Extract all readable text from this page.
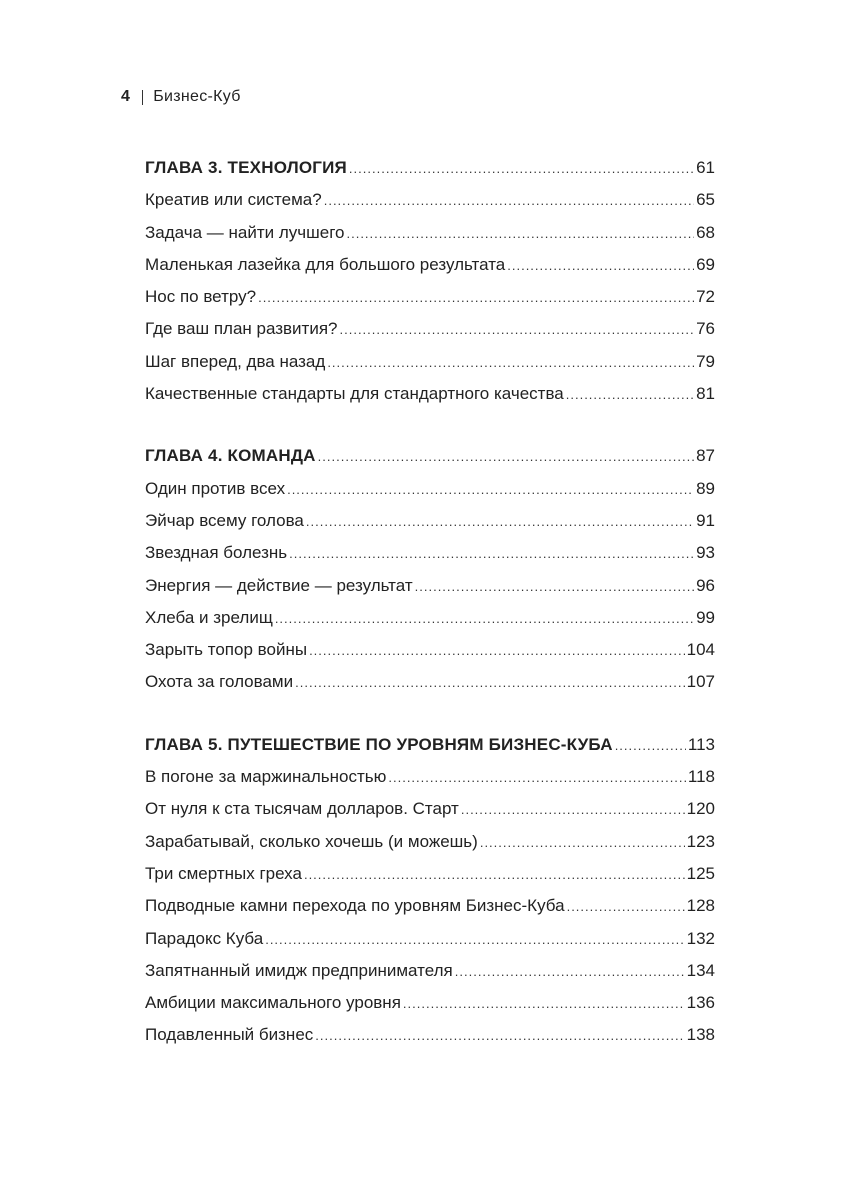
4 Бизнес-Куб
ГЛАВА 3. ТЕХНОЛОГИЯ .....	61
Креатив или система? .....	65
Задача — найти лучшего .....	68
Маленькая лазейка для большого результата .....	69
Нос по ветру? .....	72
Где ваш план развития? .....	76
Шаг вперед, два назад .....	79
Качественные стандарты для стандартного качества .....	81
ГЛАВА 4. КОМАНДА .....	87
Один против всех .....	89
Эйчар всему голова .....	91
Звездная болезнь .....	93
Энергия — действие — результат .....	96
Хлеба и зрелищ .....	99
Зарыть топор войны .....	104
Охота за головами .....	107
ГЛАВА 5. ПУТЕШЕСТВИЕ ПО УРОВНЯМ БИЗНЕС-КУБА .....	113
В погоне за маржинальностью .....	118
От нуля к ста тысячам долларов. Старт .....	120
Зарабатывай, сколько хочешь (и можешь) .....	123
Три смертных греха .....	125
Подводные камни перехода по уровням Бизнес-Куба .....	128
Парадокс Куба .....	132
Запятнанный имидж предпринимателя .....	134
Амбиции максимального уровня .....	136
Подавленный бизнес .....	138
